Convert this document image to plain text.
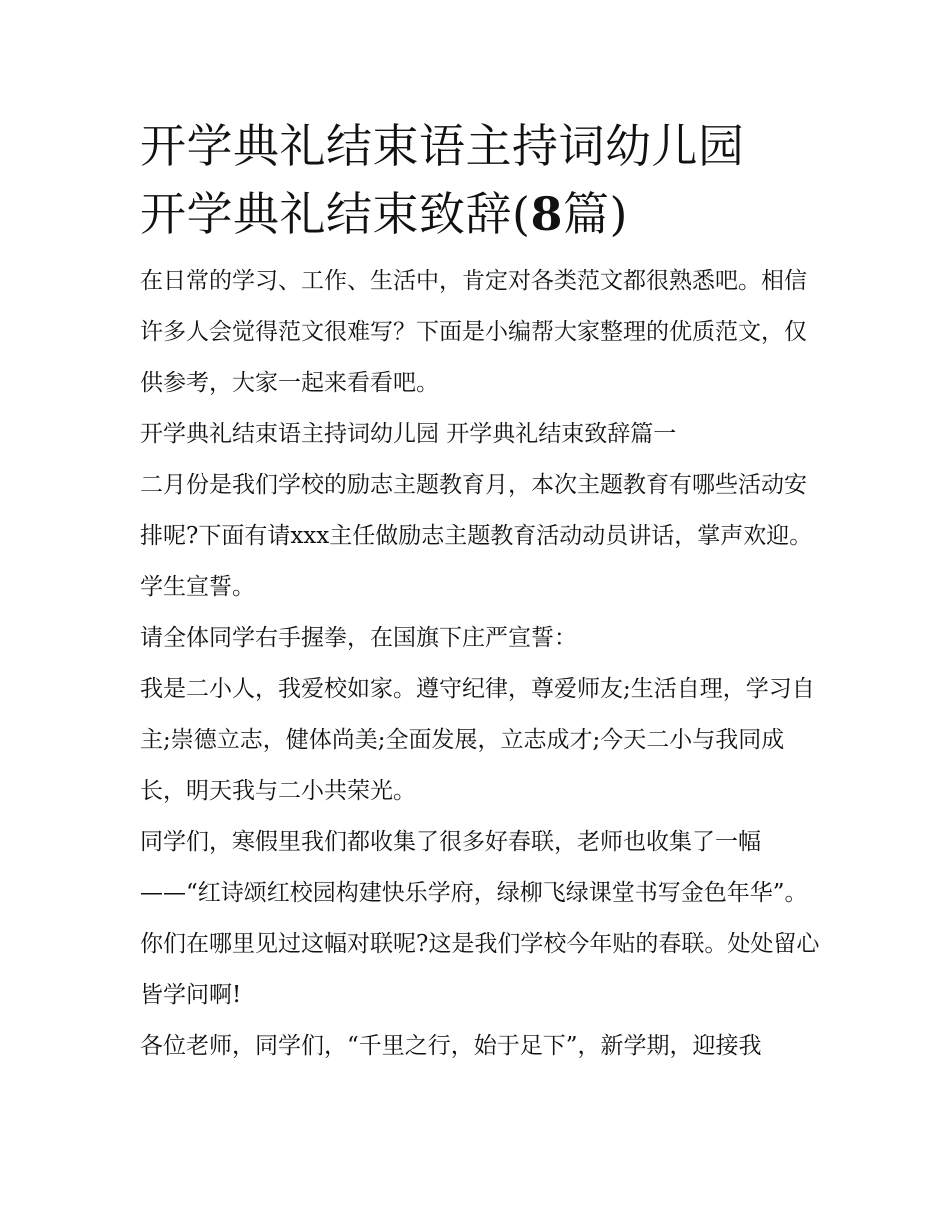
开学典礼结束语主持词幼儿园
开学典礼结束致辞(8篇)

在日常的学习、工作、生活中，肯定对各类范文都很熟悉吧。相信许多人会觉得范文很难写？下面是小编帮大家整理的优质范文，仅供参考，大家一起来看看吧。

开学典礼结束语主持词幼儿园 开学典礼结束致辞篇一

二月份是我们学校的励志主题教育月，本次主题教育有哪些活动安排呢?下面有请xxx主任做励志主题教育活动动员讲话，掌声欢迎。 学生宣誓。

请全体同学右手握拳，在国旗下庄严宣誓：

我是二小人，我爱校如家。遵守纪律，尊爱师友;生活自理，学习自主;崇德立志，健体尚美;全面发展，立志成才;今天二小与我同成长，明天我与二小共荣光。

同学们，寒假里我们都收集了很多好春联，老师也收集了一幅——“红诗颂红校园构建快乐学府，绿柳飞绿课堂书写金色年华”。你们在哪里见过这幅对联呢?这是我们学校今年贴的春联。处处留心皆学问啊!

各位老师，同学们，“千里之行，始于足下”，新学期，迎接我
